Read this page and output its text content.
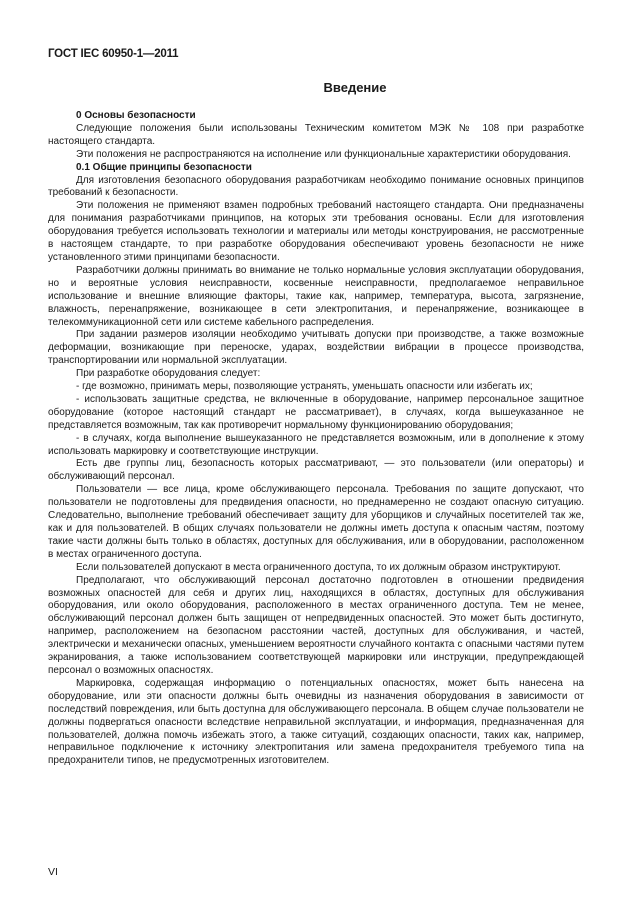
ГОСТ IEC 60950-1—2011
Введение

0 Основы безопасности

Следующие положения были использованы Техническим комитетом МЭК № 108 при разработке настоящего стандарта.

Эти положения не распространяются на исполнение или функциональные характеристики оборудования.

0.1 Общие принципы безопасности

Для изготовления безопасного оборудования разработчикам необходимо понимание основных принципов требований к безопасности.

Эти положения не применяют взамен подробных требований настоящего стандарта. Они предназначены для понимания разработчиками принципов, на которых эти требования основаны. Если для изготовления оборудования требуется использовать технологии и материалы или методы конструирования, не рассмотренные в настоящем стандарте, то при разработке оборудования обеспечивают уровень безопасности не ниже установленного этими принципами безопасности.

Разработчики должны принимать во внимание не только нормальные условия эксплуатации оборудования, но и вероятные условия неисправности, косвенные неисправности, предполагаемое неправильное использование и внешние влияющие факторы, такие как, например, температура, высота, загрязнение, влажность, перенапряжение, возникающее в сети электропитания, и перенапряжение, возникающее в телекоммуникационной сети или системе кабельного распределения.

При задании размеров изоляции необходимо учитывать допуски при производстве, а также возможные деформации, возникающие при переноске, ударах, воздействии вибрации в процессе производства, транспортировании или нормальной эксплуатации.

При разработке оборудования следует:

- где возможно, принимать меры, позволяющие устранять, уменьшать опасности или избегать их;

- использовать защитные средства, не включенные в оборудование, например персональное защитное оборудование (которое настоящий стандарт не рассматривает), в случаях, когда вышеуказанное не представляется возможным, так как противоречит нормальному функционированию оборудования;

- в случаях, когда выполнение вышеуказанного не представляется возможным, или в дополнение к этому использовать маркировку и соответствующие инструкции.

Есть две группы лиц, безопасность которых рассматривают, — это пользователи (или операторы) и обслуживающий персонал.

Пользователи — все лица, кроме обслуживающего персонала. Требования по защите допускают, что пользователи не подготовлены для предвидения опасности, но преднамеренно не создают опасную ситуацию. Следовательно, выполнение требований обеспечивает защиту для уборщиков и случайных посетителей так же, как и для пользователей. В общих случаях пользователи не должны иметь доступа к опасным частям, поэтому такие части должны быть только в областях, доступных для обслуживания, или в оборудовании, расположенном в местах ограниченного доступа.

Если пользователей допускают в места ограниченного доступа, то их должным образом инструктируют.

Предполагают, что обслуживающий персонал достаточно подготовлен в отношении предвидения возможных опасностей для себя и других лиц, находящихся в областях, доступных для обслуживания оборудования, или около оборудования, расположенного в местах ограниченного доступа. Тем не менее, обслуживающий персонал должен быть защищен от непредвиденных опасностей. Это может быть достигнуто, например, расположением на безопасном расстоянии частей, доступных для обслуживания, и частей, электрически и механически опасных, уменьшением вероятности случайного контакта с опасными частями путем экранирования, а также использованием соответствующей маркировки или инструкции, предупреждающей персонал о возможных опасностях.

Маркировка, содержащая информацию о потенциальных опасностях, может быть нанесена на оборудование, или эти опасности должны быть очевидны из назначения оборудования в зависимости от последствий повреждения, или быть доступна для обслуживающего персонала. В общем случае пользователи не должны подвергаться опасности вследствие неправильной эксплуатации, и информация, предназначенная для пользователей, должна помочь избежать этого, а также ситуаций, создающих опасности, таких как, например, неправильное подключение к источнику электропитания или замена предохранителя требуемого типа на предохранители типов, не предусмотренных изготовителем.

VI
